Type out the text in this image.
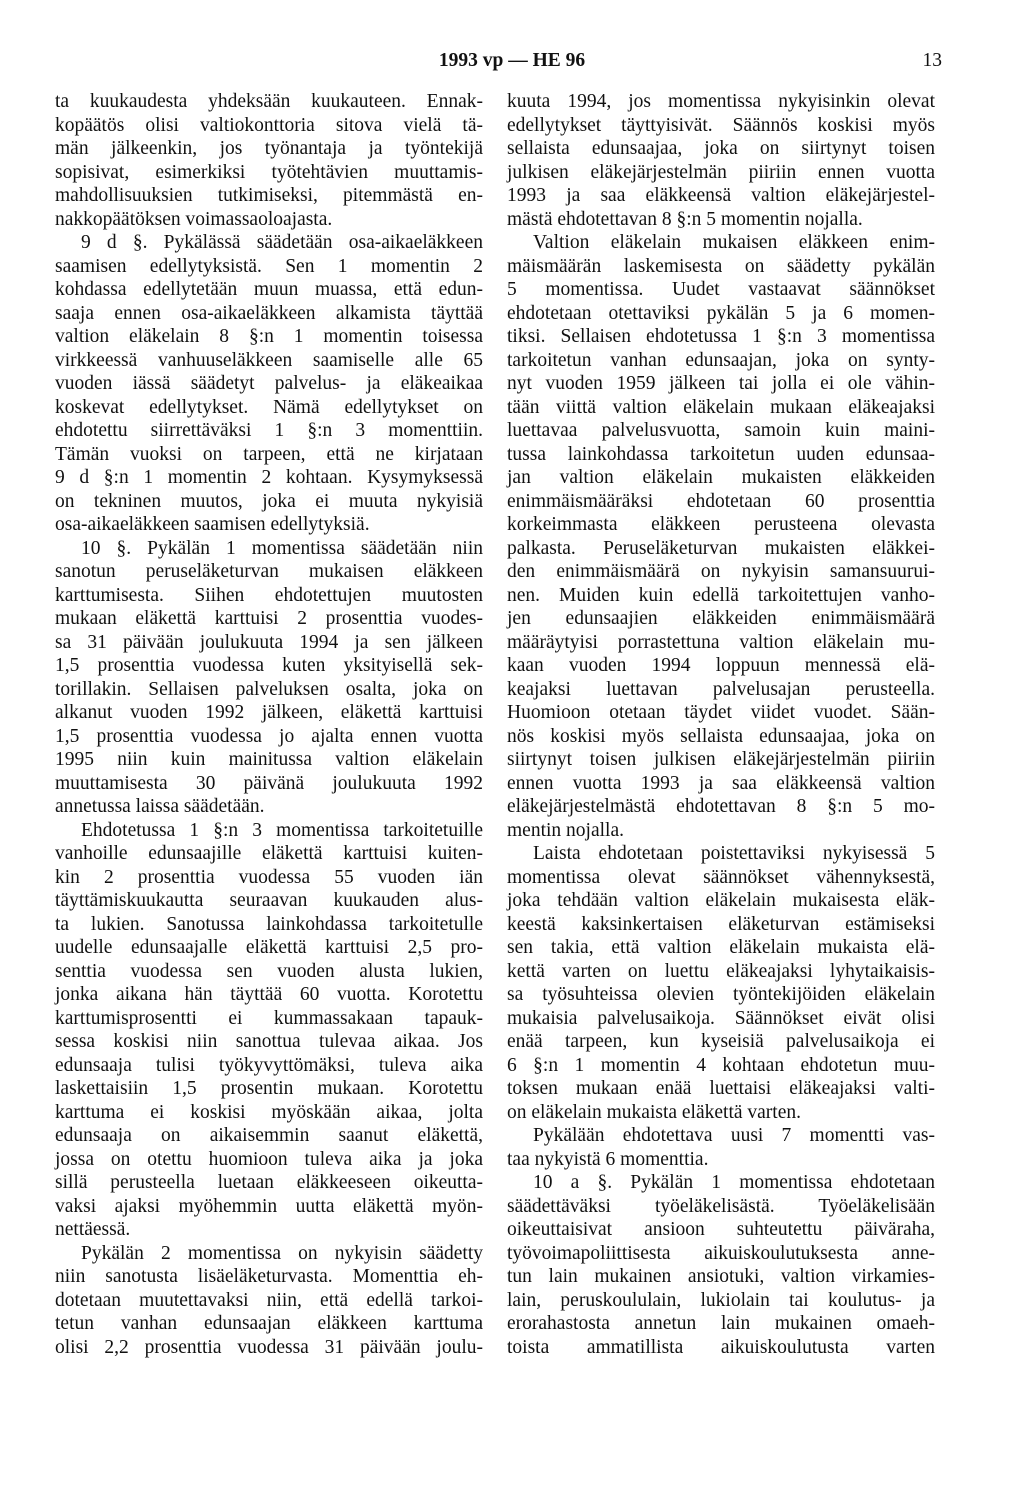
1993 vp — HE 96	13

ta kuukaudesta yhdeksään kuukauteen. Ennak-

kopäätös olisi valtiokonttoria sitova vielä tä-

män jälkeenkin, jos työnantaja ja työntekijä

sopisivat, esimerkiksi työtehtävien muuttamis-

mahdollisuuksien tutkimiseksi, pitemmästä en-

nakkopäätöksen voimassaoloajasta.

9 d §. Pykälässä säädetään osa-aikaeläkkeen

saamisen edellytyksistä. Sen 1 momentin 2

kohdassa edellytetään muun muassa, että edun-

saaja ennen osa-aikaeläkkeen alkamista täyttää

valtion eläkelain 8 §:n 1 momentin toisessa

virkkeessä vanhuuseläkkeen saamiselle alle 65

vuoden iässä säädetyt palvelus- ja eläkeaikaa

koskevat edellytykset. Nämä edellytykset on

ehdotettu siirrettäväksi 1 §:n 3 momenttiin.

Tämän vuoksi on tarpeen, että ne kirjataan

9 d §:n 1 momentin 2 kohtaan. Kysymyksessä

on tekninen muutos, joka ei muuta nykyisiä

osa-aikaeläkkeen saamisen edellytyksiä.

10 §. Pykälän 1 momentissa säädetään niin

sanotun peruseläketurvan mukaisen eläkkeen

karttumisesta. Siihen ehdotettujen muutosten

mukaan eläkettä karttuisi 2 prosenttia vuodes-

sa 31 päivään joulukuuta 1994 ja sen jälkeen

1,5 prosenttia vuodessa kuten yksityisellä sek-

torillakin. Sellaisen palveluksen osalta, joka on

alkanut vuoden 1992 jälkeen, eläkettä karttuisi

1,5 prosenttia vuodessa jo ajalta ennen vuotta

1995 niin kuin mainitussa valtion eläkelain

muuttamisesta 30 päivänä joulukuuta 1992

annetussa laissa säädetään.

Ehdotetussa 1 §:n 3 momentissa tarkoitetuille

vanhoille edunsaajille eläkettä karttuisi kuiten-

kin 2 prosenttia vuodessa 55 vuoden iän

täyttämiskuukautta seuraavan kuukauden alus-

ta lukien. Sanotussa lainkohdassa tarkoitetulle

uudelle edunsaajalle eläkettä karttuisi 2,5 pro-

senttia vuodessa sen vuoden alusta lukien,

jonka aikana hän täyttää 60 vuotta. Korotettu

karttumisprosentti ei kummassakaan tapauk-

sessa koskisi niin sanottua tulevaa aikaa. Jos

edunsaaja tulisi työkyvyttömäksi, tuleva aika

laskettaisiin 1,5 prosentin mukaan. Korotettu

karttuma ei koskisi myöskään aikaa, jolta

edunsaaja on aikaisemmin saanut eläkettä,

jossa on otettu huomioon tuleva aika ja joka

sillä perusteella luetaan eläkkeeseen oikeutta-

vaksi ajaksi myöhemmin uutta eläkettä myön-

nettäessä.

Pykälän 2 momentissa on nykyisin säädetty

niin sanotusta lisäeläketurvasta. Momenttia eh-

dotetaan muutettavaksi niin, että edellä tarkoi-

tetun vanhan edunsaajan eläkkeen karttuma

olisi 2,2 prosenttia vuodessa 31 päivään joulu-

kuuta 1994, jos momentissa nykyisinkin olevat

edellytykset täyttyisivät. Säännös koskisi myös

sellaista edunsaajaa, joka on siirtynyt toisen

julkisen eläkejärjestelmän piiriin ennen vuotta

1993 ja saa eläkkeensä valtion eläkejärjestel-

mästä ehdotettavan 8 §:n 5 momentin nojalla.

Valtion eläkelain mukaisen eläkkeen enim-

mäismäärän laskemisesta on säädetty pykälän

5 momentissa. Uudet vastaavat säännökset

ehdotetaan otettaviksi pykälän 5 ja 6 momen-

tiksi. Sellaisen ehdotetussa 1 §:n 3 momentissa

tarkoitetun vanhan edunsaajan, joka on synty-

nyt vuoden 1959 jälkeen tai jolla ei ole vähin-

tään viittä valtion eläkelain mukaan eläkeajaksi

luettavaa palvelusvuotta, samoin kuin maini-

tussa lainkohdassa tarkoitetun uuden edunsaa-

jan valtion eläkelain mukaisten eläkkeiden

enimmäismääräksi ehdotetaan 60 prosenttia

korkeimmasta eläkkeen perusteena olevasta

palkasta. Peruseläketurvan mukaisten eläkkei-

den enimmäismäärä on nykyisin samansuurui-

nen. Muiden kuin edellä tarkoitettujen vanho-

jen edunsaajien eläkkeiden enimmäismäärä

määräytyisi porrastettuna valtion eläkelain mu-

kaan vuoden 1994 loppuun mennessä elä-

keajaksi luettavan palvelusajan perusteella.

Huomioon otetaan täydet viidet vuodet. Sään-

nös koskisi myös sellaista edunsaajaa, joka on

siirtynyt toisen julkisen eläkejärjestelmän piiriin

ennen vuotta 1993 ja saa eläkkeensä valtion

eläkejärjestelmästä ehdotettavan 8 §:n 5 mo-

mentin nojalla.

Laista ehdotetaan poistettaviksi nykyisessä 5

momentissa olevat säännökset vähennyksestä,

joka tehdään valtion eläkelain mukaisesta eläk-

keestä kaksinkertaisen eläketurvan estämiseksi

sen takia, että valtion eläkelain mukaista elä-

kettä varten on luettu eläkeajaksi lyhytaikaisis-

sa työsuhteissa olevien työntekijöiden eläkelain

mukaisia palvelusaikoja. Säännökset eivät olisi

enää tarpeen, kun kyseisiä palvelusaikoja ei

6 §:n 1 momentin 4 kohtaan ehdotetun muu-

toksen mukaan enää luettaisi eläkeajaksi valti-

on eläkelain mukaista eläkettä varten.

Pykälään ehdotettava uusi 7 momentti vas-

taa nykyistä 6 momenttia.

10 a §. Pykälän 1 momentissa ehdotetaan

säädettäväksi työeläkelisästä. Työeläkelisään

oikeuttaisivat ansioon suhteutettu päiväraha,

työvoimapoliittisesta aikuiskoulutuksesta anne-

tun lain mukainen ansiotuki, valtion virkamies-

lain, peruskoululain, lukiolain tai koulutus- ja

erorahastosta annetun lain mukainen omaeh-

toista ammatillista aikuiskoulutusta varten
